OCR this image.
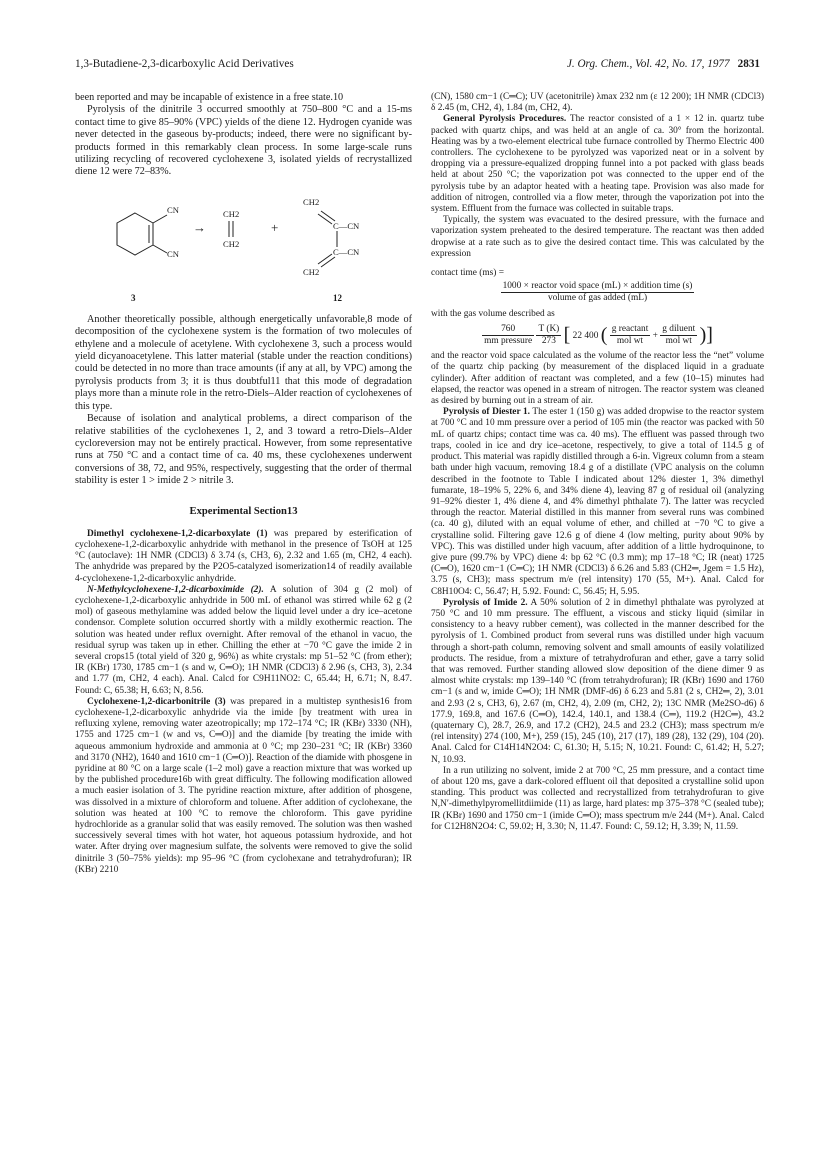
1,3-Butadiene-2,3-dicarboxylic Acid Derivatives	J. Org. Chem., Vol. 42, No. 17, 1977 2831

been reported and may be incapable of existence in a free state.10

Pyrolysis of the dinitrile 3 occurred smoothly at 750–800 °C and a 15-ms contact time to give 85–90% (VPC) yields of the diene 12. Hydrogen cyanide was never detected in the gaseous by-products; indeed, there were no significant by-products formed in this remarkably clean process. In some large-scale runs utilizing recycling of recovered cyclohexene 3, isolated yields of recrystallized diene 12 were 72–83%.

CN
CN
→
CH2
CH2
+
CH2
C—CN
C—CN
CH2
3	12

Another theoretically possible, although energetically unfavorable,8 mode of decomposition of the cyclohexene system is the formation of two molecules of ethylene and a molecule of acetylene. With cyclohexene 3, such a process would yield dicyanoacetylene. This latter material (stable under the reaction conditions) could be detected in no more than trace amounts (if any at all, by VPC) among the pyrolysis products from 3; it is thus doubtful11 that this mode of degradation plays more than a minute role in the retro-Diels–Alder reaction of cyclohexenes of this type.

Because of isolation and analytical problems, a direct comparison of the relative stabilities of the cyclohexenes 1, 2, and 3 toward a retro-Diels–Alder cycloreversion may not be entirely practical. However, from some representative runs at 750 °C and a contact time of ca. 40 ms, these cyclohexenes underwent conversions of 38, 72, and 95%, respectively, suggesting that the order of thermal stability is ester 1 > imide 2 > nitrile 3.

Experimental Section13

Dimethyl cyclohexene-1,2-dicarboxylate (1) was prepared by esterification of cyclohexene-1,2-dicarboxylic anhydride with methanol in the presence of TsOH at 125 °C (autoclave): 1H NMR (CDCl3) δ 3.74 (s, CH3, 6), 2.32 and 1.65 (m, CH2, 4 each). The anhydride was prepared by the P2O5-catalyzed isomerization14 of readily available 4-cyclohexene-1,2-dicarboxylic anhydride.

N-Methylcyclohexene-1,2-dicarboximide (2). A solution of 304 g (2 mol) of cyclohexene-1,2-dicarboxylic anhydride in 500 mL of ethanol was stirred while 62 g (2 mol) of gaseous methylamine was added below the liquid level under a dry ice–acetone condensor. Complete solution occurred shortly with a mildly exothermic reaction. The solution was heated under reflux overnight. After removal of the ethanol in vacuo, the residual syrup was taken up in ether. Chilling the ether at −70 °C gave the imide 2 in several crops15 (total yield of 320 g, 96%) as white crystals: mp 51–52 °C (from ether); IR (KBr) 1730, 1785 cm−1 (s and w, C═O); 1H NMR (CDCl3) δ 2.96 (s, CH3, 3), 2.34 and 1.77 (m, CH2, 4 each). Anal. Calcd for C9H11NO2: C, 65.44; H, 6.71; N, 8.47. Found: C, 65.38; H, 6.63; N, 8.56.

Cyclohexene-1,2-dicarbonitrile (3) was prepared in a multistep synthesis16 from cyclohexene-1,2-dicarboxylic anhydride via the imide [by treatment with urea in refluxing xylene, removing water azeotropically; mp 172–174 °C; IR (KBr) 3330 (NH), 1755 and 1725 cm−1 (w and vs, C═O)] and the diamide [by treating the imide with aqueous ammonium hydroxide and ammonia at 0 °C; mp 230–231 °C; IR (KBr) 3360 and 3170 (NH2), 1640 and 1610 cm−1 (C═O)]. Reaction of the diamide with phosgene in pyridine at 80 °C on a large scale (1–2 mol) gave a reaction mixture that was worked up by the published procedure16b with great difficulty. The following modification allowed a much easier isolation of 3. The pyridine reaction mixture, after addition of phosgene, was dissolved in a mixture of chloroform and toluene. After addition of cyclohexane, the solution was heated at 100 °C to remove the chloroform. This gave pyridine hydrochloride as a granular solid that was easily removed. The solution was then washed successively several times with hot water, hot aqueous potassium hydroxide, and hot water. After drying over magnesium sulfate, the solvents were removed to give the solid dinitrile 3 (50–75% yields): mp 95–96 °C (from cyclohexane and tetrahydrofuran); IR (KBr) 2210

(CN), 1580 cm−1 (C═C); UV (acetonitrile) λmax 232 nm (ε 12 200); 1H NMR (CDCl3) δ 2.45 (m, CH2, 4), 1.84 (m, CH2, 4).

General Pyrolysis Procedures. The reactor consisted of a 1 × 12 in. quartz tube packed with quartz chips, and was held at an angle of ca. 30° from the horizontal. Heating was by a two-element electrical tube furnace controlled by Thermo Electric 400 controllers. The cyclohexene to be pyrolyzed was vaporized neat or in a solvent by dropping via a pressure-equalized dropping funnel into a pot packed with glass beads held at about 250 °C; the vaporization pot was connected to the upper end of the pyrolysis tube by an adaptor heated with a heating tape. Provision was also made for addition of nitrogen, controlled via a flow meter, through the vaporization pot into the system. Effluent from the furnace was collected in suitable traps.

Typically, the system was evacuated to the desired pressure, with the furnace and vaporization system preheated to the desired temperature. The reactant was then added dropwise at a rate such as to give the desired contact time. This was calculated by the expression

contact time (ms) =
$\frac{\text{1000 × reactor void space (mL) × addition time (s)}}{\text{volume of gas added (mL)}}$

with the gas volume described as

$\frac{760}{\text{mm pressure}}$
$\frac{T (K)}{273}$ [ 22 400 ( $\frac{\text{g reactant}}{\text{mol wt}} + \frac{\text{g diluent}}{\text{mol wt}}$ )]

and the reactor void space calculated as the volume of the reactor less the “net” volume of the quartz chip packing (by measurement of the displaced liquid in a graduate cylinder). After addition of reactant was completed, and a few (10–15) minutes had elapsed, the reactor was opened in a stream of nitrogen. The reactor system was cleaned as desired by burning out in a stream of air.

Pyrolysis of Diester 1. The ester 1 (150 g) was added dropwise to the reactor system at 700 °C and 10 mm pressure over a period of 105 min (the reactor was packed with 50 mL of quartz chips; contact time was ca. 40 ms). The effluent was passed through two traps, cooled in ice and dry ice–acetone, respectively, to give a total of 114.5 g of product. This material was rapidly distilled through a 6-in. Vigreux column from a steam bath under high vacuum, removing 18.4 g of a distillate (VPC analysis on the column described in the footnote to Table I indicated about 12% diester 1, 3% dimethyl fumarate, 18–19% 5, 22% 6, and 34% diene 4), leaving 87 g of residual oil (analyzing 91–92% diester 1, 4% diene 4, and 4% dimethyl phthalate 7). The latter was recycled through the reactor. Material distilled in this manner from several runs was combined (ca. 40 g), diluted with an equal volume of ether, and chilled at −70 °C to give a crystalline solid. Filtering gave 12.6 g of diene 4 (low melting, purity about 90% by VPC). This was distilled under high vacuum, after addition of a little hydroquinone, to give pure (99.7% by VPC) diene 4: bp 62 °C (0.3 mm); mp 17–18 °C; IR (neat) 1725 (C═O), 1620 cm−1 (C═C); 1H NMR (CDCl3) δ 6.26 and 5.83 (CH2═, Jgem = 1.5 Hz), 3.75 (s, CH3); mass spectrum m/e (rel intensity) 170 (55, M+). Anal. Calcd for C8H10O4: C, 56.47; H, 5.92. Found: C, 56.45; H, 5.95.

Pyrolysis of Imide 2. A 50% solution of 2 in dimethyl phthalate was pyrolyzed at 750 °C and 10 mm pressure. The effluent, a viscous and sticky liquid (similar in consistency to a heavy rubber cement), was collected in the manner described for the pyrolysis of 1. Combined product from several runs was distilled under high vacuum through a short-path column, removing solvent and small amounts of easily volatilized products. The residue, from a mixture of tetrahydrofuran and ether, gave a tarry solid that was removed. Further standing allowed slow deposition of the diene dimer 9 as almost white crystals: mp 139–140 °C (from tetrahydrofuran); IR (KBr) 1690 and 1760 cm−1 (s and w, imide C═O); 1H NMR (DMF-d6) δ 6.23 and 5.81 (2 s, CH2═, 2), 3.01 and 2.93 (2 s, CH3, 6), 2.67 (m, CH2, 4), 2.09 (m, CH2, 2); 13C NMR (Me2SO-d6) δ 177.9, 169.8, and 167.6 (C═O), 142.4, 140.1, and 138.4 (C═), 119.2 (H2C═), 43.2 (quaternary C), 28.7, 26.9, and 17.2 (CH2), 24.5 and 23.2 (CH3); mass spectrum m/e (rel intensity) 274 (100, M+), 259 (15), 245 (10), 217 (17), 189 (28), 132 (29), 104 (20). Anal. Calcd for C14H14N2O4: C, 61.30; H, 5.15; N, 10.21. Found: C, 61.42; H, 5.27; N, 10.93.

In a run utilizing no solvent, imide 2 at 700 °C, 25 mm pressure, and a contact time of about 120 ms, gave a dark-colored effluent oil that deposited a crystalline solid upon standing. This product was collected and recrystallized from tetrahydrofuran to give N,N′-dimethylpyromellitdiimide (11) as large, hard plates: mp 375–378 °C (sealed tube); IR (KBr) 1690 and 1750 cm−1 (imide C═O); mass spectrum m/e 244 (M+). Anal. Calcd for C12H8N2O4: C, 59.02; H, 3.30; N, 11.47. Found: C, 59.12; H, 3.39; N, 11.59.
